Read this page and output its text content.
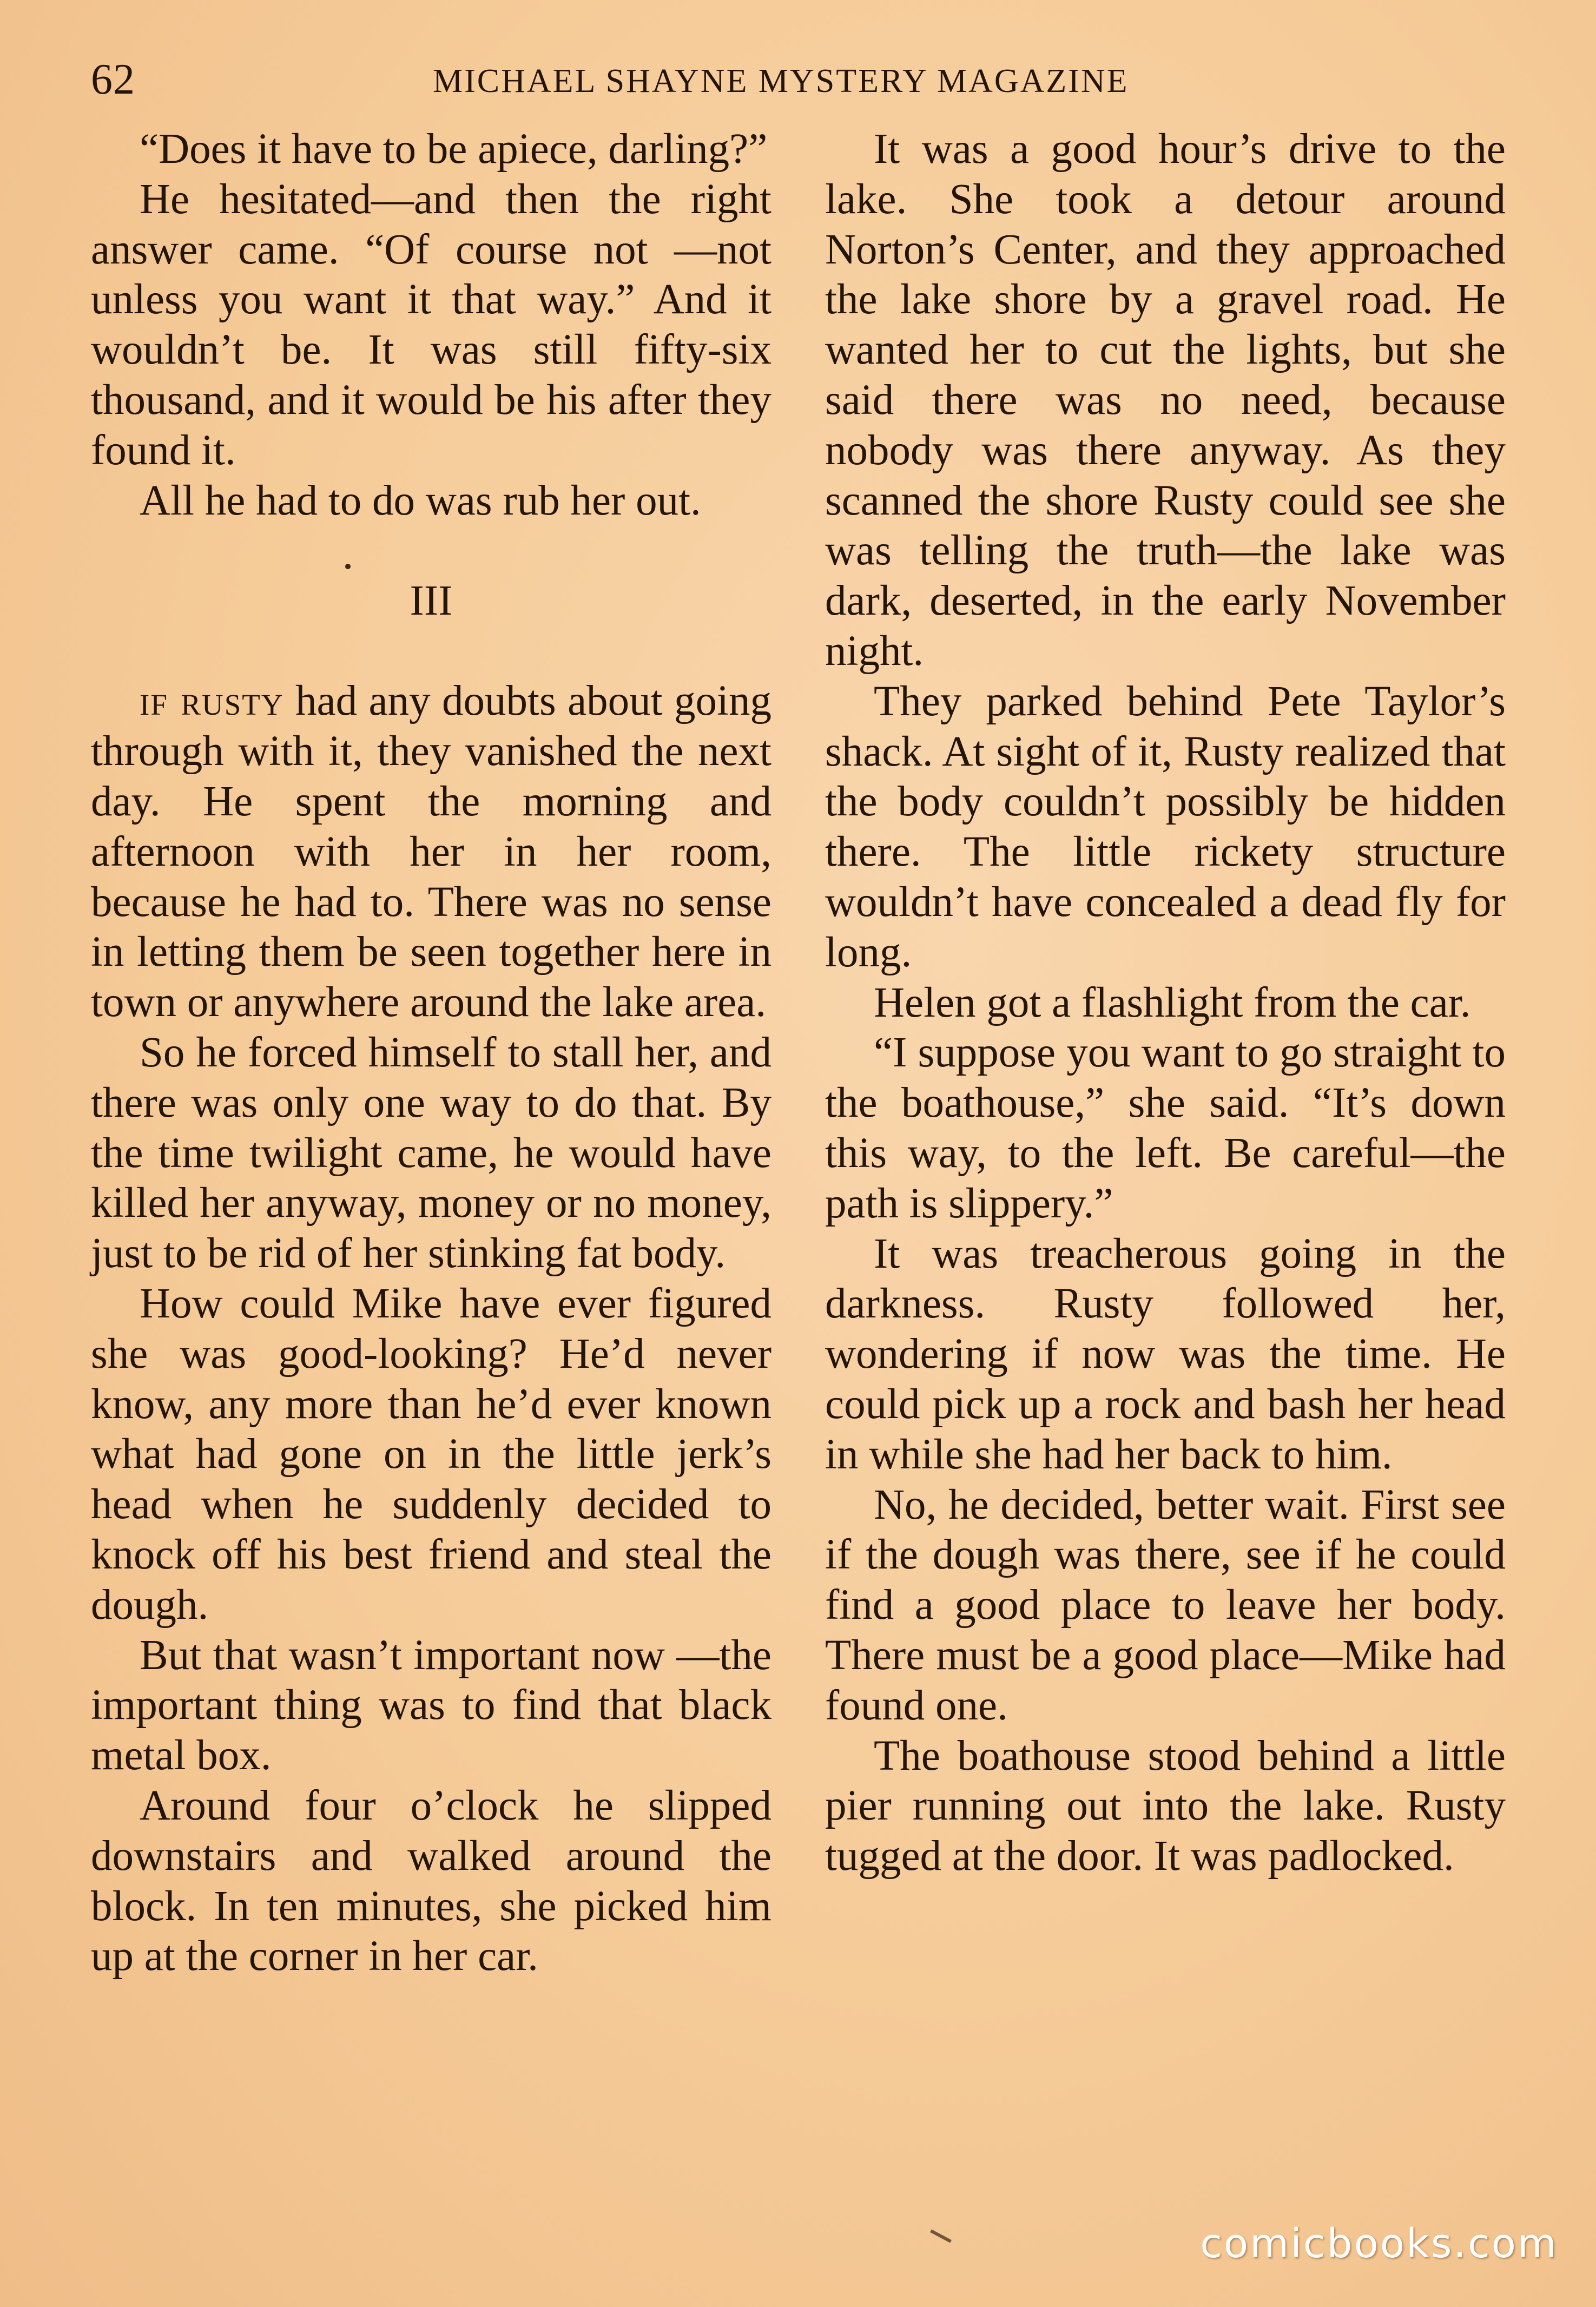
62	MICHAEL SHAYNE MYSTERY MAGAZINE

“Does it have to be apiece, darling?”

He hesitated—and then the right answer came. “Of course not —not unless you want it that way.” And it wouldn’t be. It was still fifty-six thousand, and it would be his after they found it.

All he had to do was rub her out.

III

if rusty had any doubts about going through with it, they vanished the next day. He spent the morning and afternoon with her in her room, because he had to. There was no sense in letting them be seen together here in town or anywhere around the lake area.

So he forced himself to stall her, and there was only one way to do that. By the time twilight came, he would have killed her anyway, money or no money, just to be rid of her stinking fat body.

How could Mike have ever figured she was good-looking? He’d never know, any more than he’d ever known what had gone on in the little jerk’s head when he suddenly decided to knock off his best friend and steal the dough.

But that wasn’t important now —the important thing was to find that black metal box.

Around four o’clock he slipped downstairs and walked around the block. In ten minutes, she picked him up at the corner in her car.

It was a good hour’s drive to the lake. She took a detour around Norton’s Center, and they approached the lake shore by a gravel road. He wanted her to cut the lights, but she said there was no need, because nobody was there anyway. As they scanned the shore Rusty could see she was telling the truth—the lake was dark, deserted, in the early November night.

They parked behind Pete Taylor’s shack. At sight of it, Rusty realized that the body couldn’t possibly be hidden there. The little rickety structure wouldn’t have concealed a dead fly for long.

Helen got a flashlight from the car.

“I suppose you want to go straight to the boathouse,” she said. “It’s down this way, to the left. Be careful—the path is slippery.”

It was treacherous going in the darkness. Rusty followed her, wondering if now was the time. He could pick up a rock and bash her head in while she had her back to him.

No, he decided, better wait. First see if the dough was there, see if he could find a good place to leave her body. There must be a good place—Mike had found one.

The boathouse stood behind a little pier running out into the lake. Rusty tugged at the door. It was padlocked.

comicbooks.com
